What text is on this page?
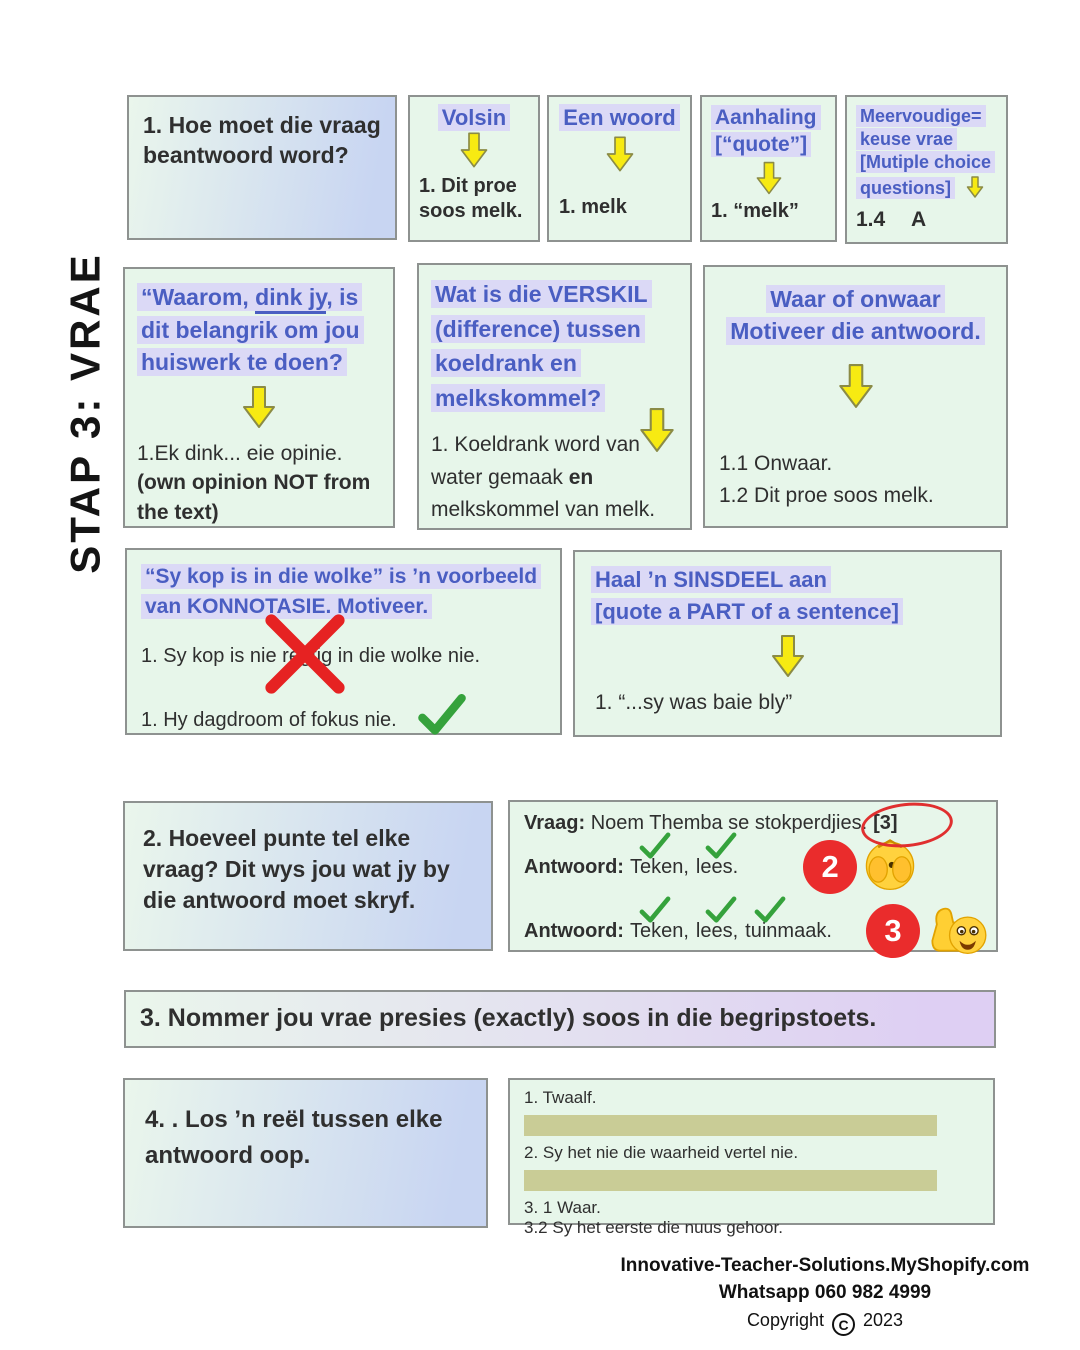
STAP 3: VRAE
1. Hoe moet die vraag beantwoord word?
Volsin
1. Dit proe soos melk.
Een woord
1. melk
Aanhaling
[“quote”]
1. “melk”
Meervoudige=
keuse vrae
[Mutiple choice
questions]
1.4 A
“Waarom, dink jy, is dit belangrik om jou huiswerk te doen?
1.Ek dink... eie opinie.
(own opinion NOT from the text)
Wat is die VERSKIL (difference) tussen koeldrank en melkskommel?
1. Koeldrank word van water gemaak en melkskommel van melk.
Waar of onwaar
Motiveer die antwoord.
1.1 Onwaar.
1.2 Dit proe soos melk.
“Sy kop is in die wolke” is ’n voorbeeld van KONNOTASIE. Motiveer.
1. Sy kop is nie regtig in die wolke nie.
1. Hy dagdroom of fokus nie.
Haal ’n SINSDEEL aan
[quote a PART of a sentence]
1. “...sy was baie bly”
2. Hoeveel punte tel elke vraag? Dit wys jou wat jy by die antwoord moet skryf.
Vraag: Noem Themba se stokperdjies. [3]
Antwoord: Teken, lees.	2
Antwoord: Teken, lees, tuinmaak.	3
3. Nommer jou vrae presies (exactly) soos in die begripstoets.
4. . Los ’n reël tussen elke antwoord oop.
1. Twaalf.
2. Sy het nie die waarheid vertel nie.
3. 1 Waar.
3.2 Sy het eerste die nuus gehoor.
Innovative-Teacher-Solutions.MyShopify.com
Whatsapp 060 982 4999
Copyright C 2023
